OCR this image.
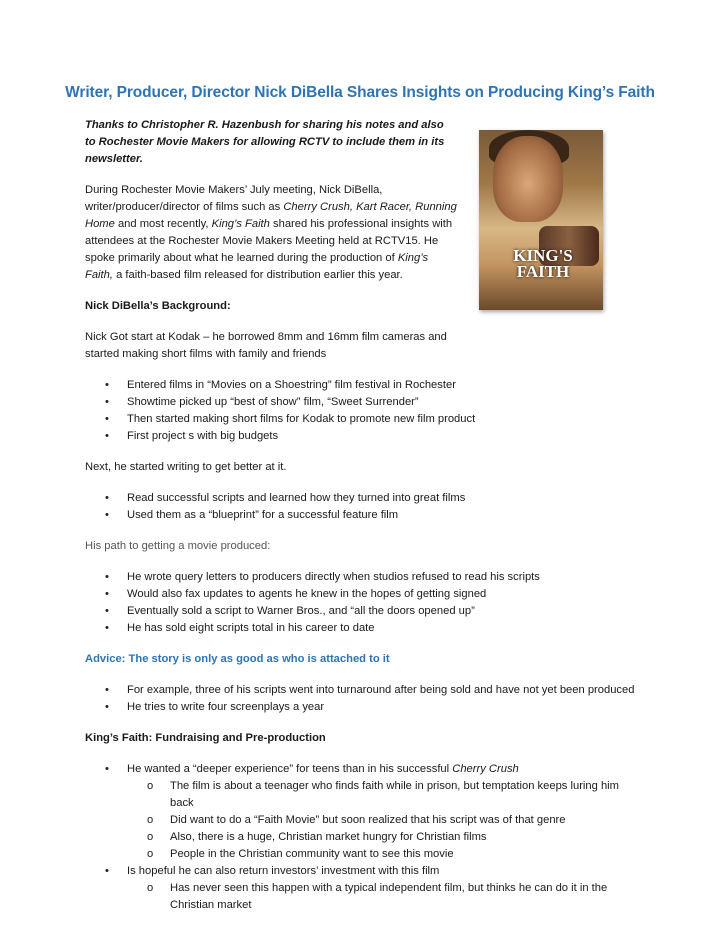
Writer, Producer, Director Nick DiBella Shares Insights on Producing King’s Faith
KING'S
FAITH

Thanks to Christopher R. Hazenbush for sharing his notes and also to Rochester Movie Makers for allowing RCTV to include them in its newsletter.

During Rochester Movie Makers’ July meeting, Nick DiBella, writer/producer/director of films such as Cherry Crush, Kart Racer, Running Home and most recently, King’s Faith shared his professional insights with attendees at the Rochester Movie Makers Meeting held at RCTV15. He spoke primarily about what he learned during the production of King’s Faith, a faith-based film released for distribution earlier this year.

Nick DiBella’s Background:

Nick Got start at Kodak – he borrowed 8mm and 16mm film cameras and started making short films with family and friends

• Entered films in “Movies on a Shoestring” film festival in Rochester
• Showtime picked up “best of show” film, “Sweet Surrender”
• Then started making short films for Kodak to promote new film product
• First project s with big budgets

Next, he started writing to get better at it.

• Read successful scripts and learned how they turned into great films
• Used them as a “blueprint” for a successful feature film

His path to getting a movie produced:

• He wrote query letters to producers directly when studios refused to read his scripts
• Would also fax updates to agents he knew in the hopes of getting signed
• Eventually sold a script to Warner Bros., and “all the doors opened up”
• He has sold eight scripts total in his career to date

Advice: The story is only as good as who is attached to it

• For example, three of his scripts went into turnaround after being sold and have not yet been produced
• He tries to write four screenplays a year

King’s Faith: Fundraising and Pre-production

• He wanted a “deeper experience” for teens than in his successful Cherry Crush
o The film is about a teenager who finds faith while in prison, but temptation keeps luring him back
o Did want to do a “Faith Movie” but soon realized that his script was of that genre
o Also, there is a huge, Christian market hungry for Christian films
o People in the Christian community want to see this movie
• Is hopeful he can also return investors’ investment with this film
o Has never seen this happen with a typical independent film, but thinks he can do it in the Christian market
